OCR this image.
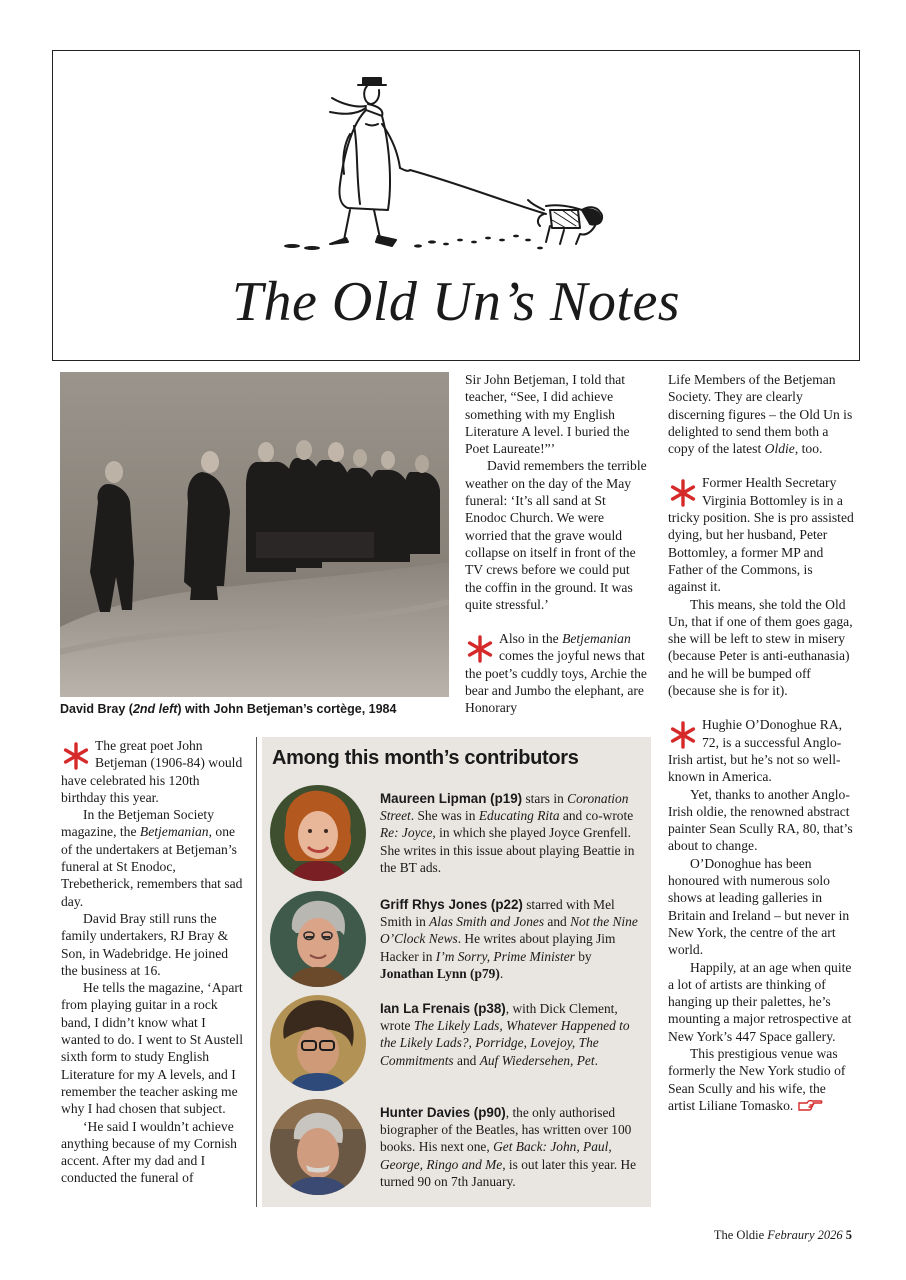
The Old Un’s Notes
David Bray (2nd left) with John Betjeman’s cortège, 1984

The great poet John Betjeman (1906-84) would have celebrated his 120th birthday this year.

In the Betjeman Society magazine, the Betjemanian, one of the undertakers at Betjeman’s funeral at St Enodoc, Trebetherick, remembers that sad day.

David Bray still runs the family undertakers, RJ Bray & Son, in Wadebridge. He joined the business at 16.

He tells the magazine, ‘Apart from playing guitar in a rock band, I didn’t know what I wanted to do. I went to St Austell sixth form to study English Literature for my A levels, and I remember the teacher asking me why I had chosen that subject.

‘He said I wouldn’t achieve anything because of my Cornish accent. After my dad and I conducted the funeral of

Among this month’s contributors
Maureen Lipman (p19) stars in Coronation Street. She was in Educating Rita and co-wrote Re: Joyce, in which she played Joyce Grenfell. She writes in this issue about playing Beattie in the BT ads.
Griff Rhys Jones (p22) starred with Mel Smith in Alas Smith and Jones and Not the Nine O’Clock News. He writes about playing Jim Hacker in I’m Sorry, Prime Minister by Jonathan Lynn (p79).
Ian La Frenais (p38), with Dick Clement, wrote The Likely Lads, Whatever Happened to the Likely Lads?, Porridge, Lovejoy, The Commitments and Auf Wiedersehen, Pet.
Hunter Davies (p90), the only authorised biographer of the Beatles, has written over 100 books. His next one, Get Back: John, Paul, George, Ringo and Me, is out later this year. He turned 90 on 7th January.

Sir John Betjeman, I told that teacher, “See, I did achieve something with my English Literature A level. I buried the Poet Laureate!”’

David remembers the terrible weather on the day of the May funeral: ‘It’s all sand at St Enodoc Church. We were worried that the grave would collapse on itself in front of the TV crews before we could put the coffin in the ground. It was quite stressful.’

Also in the Betjemanian comes the joyful news that the poet’s cuddly toys, Archie the bear and Jumbo the elephant, are Honorary

Life Members of the Betjeman Society. They are clearly discerning figures – the Old Un is delighted to send them both a copy of the latest Oldie, too.

Former Health Secretary Virginia Bottomley is in a tricky position. She is pro assisted dying, but her husband, Peter Bottomley, a former MP and Father of the Commons, is against it.

This means, she told the Old Un, that if one of them goes gaga, she will be left to stew in misery (because Peter is anti-euthanasia) and he will be bumped off (because she is for it).

Hughie O’Donoghue RA, 72, is a successful Anglo-Irish artist, but he’s not so well-known in America.

Yet, thanks to another Anglo-Irish oldie, the renowned abstract painter Sean Scully RA, 80, that’s about to change.

O’Donoghue has been honoured with numerous solo shows at leading galleries in Britain and Ireland – but never in New York, the centre of the art world.

Happily, at an age when quite a lot of artists are thinking of hanging up their palettes, he’s mounting a major retrospective at New York’s 447 Space gallery.

This prestigious venue was formerly the New York studio of Sean Scully and his wife, the artist Liliane Tomasko.

The Oldie Febraury 2026 5
